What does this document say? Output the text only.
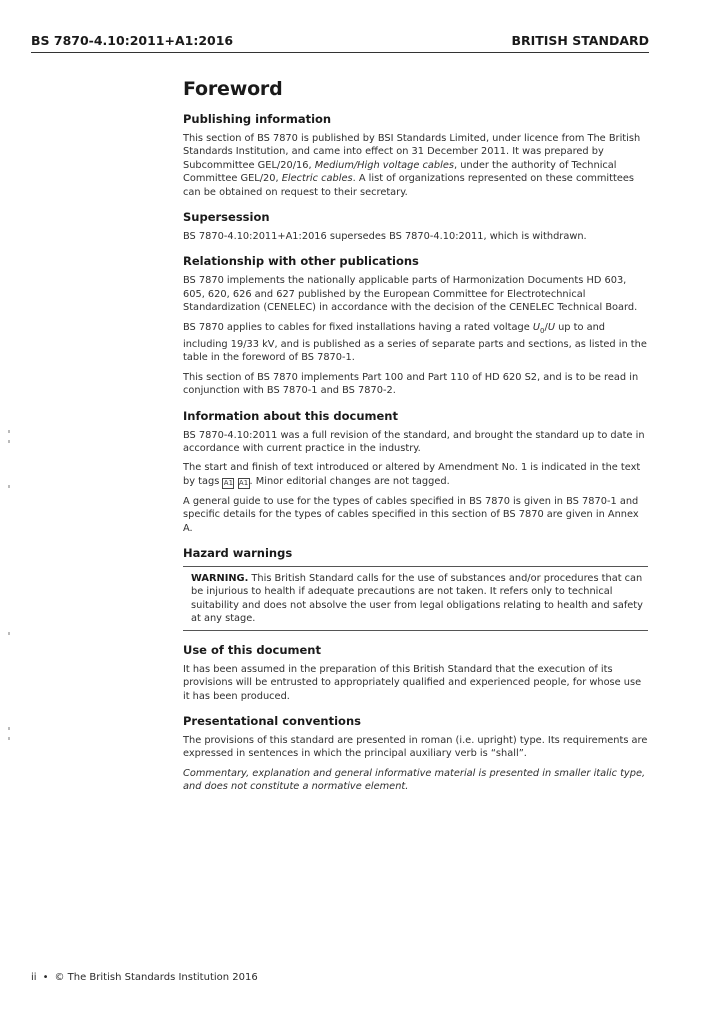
BS 7870-4.10:2011+A1:2016	BRITISH STANDARD
Foreword
Publishing information

This section of BS 7870 is published by BSI Standards Limited, under licence from The British Standards Institution, and came into effect on 31 December 2011. It was prepared by Subcommittee GEL/20/16, Medium/High voltage cables, under the authority of Technical Committee GEL/20, Electric cables. A list of organizations represented on these committees can be obtained on request to their secretary.

Supersession

BS 7870-4.10:2011+A1:2016 supersedes BS 7870-4.10:2011, which is withdrawn.

Relationship with other publications

BS 7870 implements the nationally applicable parts of Harmonization Documents HD 603, 605, 620, 626 and 627 published by the European Committee for Electrotechnical Standardization (CENELEC) in accordance with the decision of the CENELEC Technical Board.

BS 7870 applies to cables for fixed installations having a rated voltage $U_0/U$ up to and including 19/33 kV, and is published as a series of separate parts and sections, as listed in the table in the foreword of BS 7870-1.

This section of BS 7870 implements Part 100 and Part 110 of HD 620 S2, and is to be read in conjunction with BS 7870-1 and BS 7870-2.

Information about this document

BS 7870-4.10:2011 was a full revision of the standard, and brought the standard up to date in accordance with current practice in the industry.

The start and finish of text introduced or altered by Amendment No. 1 is indicated in the text by tags A1 A1. Minor editorial changes are not tagged.

A general guide to use for the types of cables specified in BS 7870 is given in BS 7870-1 and specific details for the types of cables specified in this section of BS 7870 are given in Annex A.

Hazard warnings

WARNING. This British Standard calls for the use of substances and/or procedures that can be injurious to health if adequate precautions are not taken. It refers only to technical suitability and does not absolve the user from legal obligations relating to health and safety at any stage.

Use of this document

It has been assumed in the preparation of this British Standard that the execution of its provisions will be entrusted to appropriately qualified and experienced people, for whose use it has been produced.

Presentational conventions

The provisions of this standard are presented in roman (i.e. upright) type. Its requirements are expressed in sentences in which the principal auxiliary verb is “shall”.

Commentary, explanation and general informative material is presented in smaller italic type, and does not constitute a normative element.

ii • © The British Standards Institution 2016
